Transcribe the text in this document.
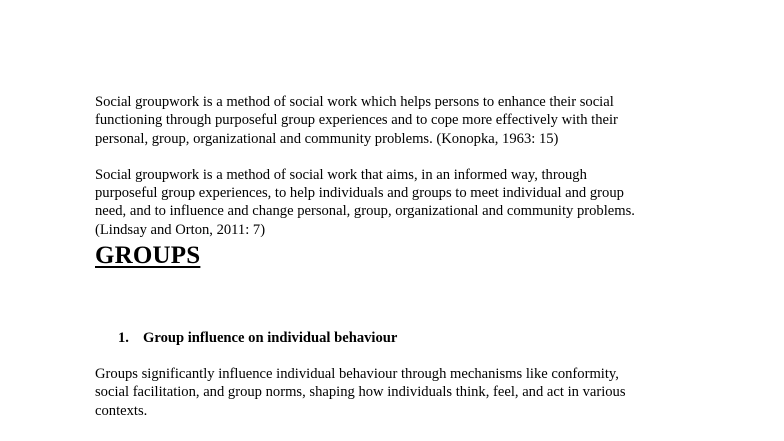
Social groupwork is a method of social work which helps persons to enhance their social
functioning through purposeful group experiences and to cope more effectively with their
personal, group, organizational and community problems. (Konopka, 1963: 15)

Social groupwork is a method of social work that aims, in an informed way, through
purposeful group experiences, to help individuals and groups to meet individual and group
need, and to influence and change personal, group, organizational and community problems.
(Lindsay and Orton, 2011: 7)

GROUPS
1. Group influence on individual behaviour

Groups significantly influence individual behaviour through mechanisms like conformity,
social facilitation, and group norms, shaping how individuals think, feel, and act in various
contexts.
